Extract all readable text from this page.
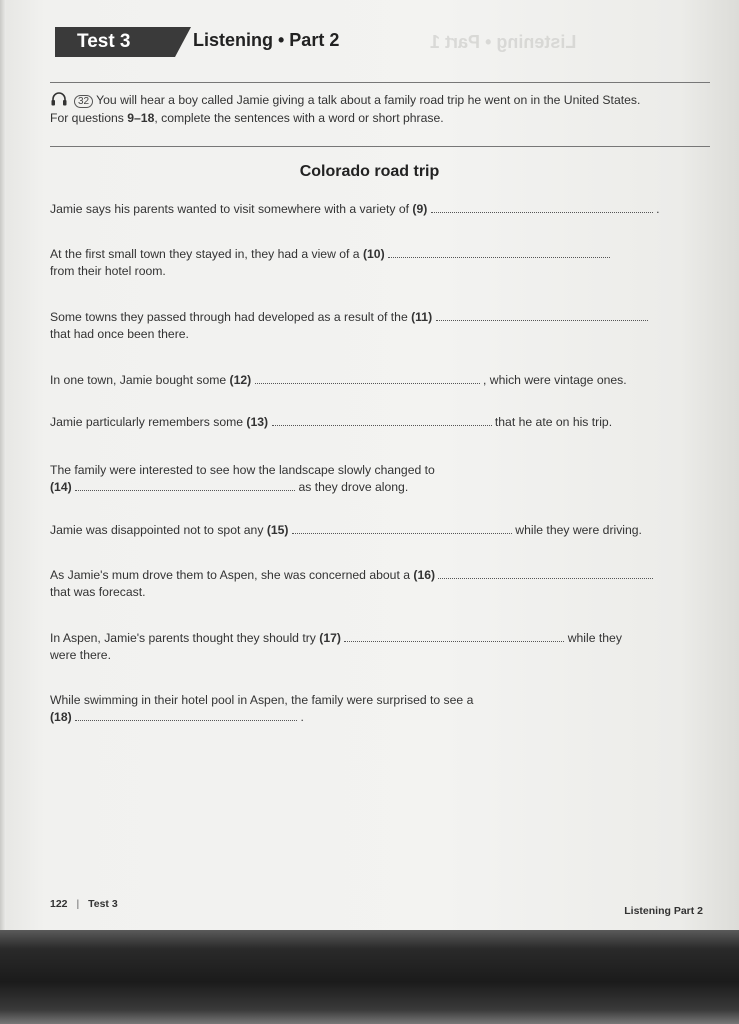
Listening • Part 1
Test 3	Listening • Part 2
32 You will hear a boy called Jamie giving a talk about a family road trip he went on in the United States.
For questions 9–18, complete the sentences with a word or short phrase.
Colorado road trip
Jamie says his parents wanted to visit somewhere with a variety of (9)	.
At the first small town they stayed in, they had a view of a (10)
from their hotel room.
Some towns they passed through had developed as a result of the (11)
that had once been there.
In one town, Jamie bought some (12)	, which were vintage ones.
Jamie particularly remembers some (13)	that he ate on his trip.
The family were interested to see how the landscape slowly changed to
(14)	as they drove along.
Jamie was disappointed not to spot any (15)	while they were driving.
As Jamie's mum drove them to Aspen, she was concerned about a (16)
that was forecast.
In Aspen, Jamie's parents thought they should try (17)	while they
were there.
While swimming in their hotel pool in Aspen, the family were surprised to see a
(18)	.
122 | Test 3
Listening Part 2
